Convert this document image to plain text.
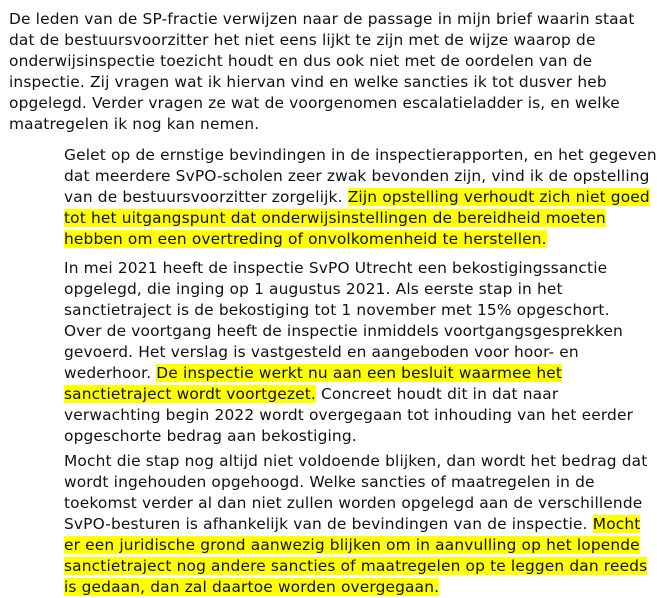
De leden van de SP-fractie verwijzen naar de passage in mijn brief waarin staat
dat de bestuursvoorzitter het niet eens lijkt te zijn met de wijze waarop de
onderwijsinspectie toezicht houdt en dus ook niet met de oordelen van de
inspectie. Zij vragen wat ik hiervan vind en welke sancties ik tot dusver heb
opgelegd. Verder vragen ze wat de voorgenomen escalatieladder is, en welke
maatregelen ik nog kan nemen.

Gelet op de ernstige bevindingen in de inspectierapporten, en het gegeven
dat meerdere SvPO-scholen zeer zwak bevonden zijn, vind ik de opstelling
van de bestuursvoorzitter zorgelijk. Zijn opstelling verhoudt zich niet goed
tot het uitgangspunt dat onderwijsinstellingen de bereidheid moeten
hebben om een overtreding of onvolkomenheid te herstellen.

In mei 2021 heeft de inspectie SvPO Utrecht een bekostigingssanctie
opgelegd, die inging op 1 augustus 2021. Als eerste stap in het
sanctietraject is de bekostiging tot 1 november met 15% opgeschort.
Over de voortgang heeft de inspectie inmiddels voortgangsgesprekken
gevoerd. Het verslag is vastgesteld en aangeboden voor hoor- en
wederhoor. De inspectie werkt nu aan een besluit waarmee het
sanctietraject wordt voortgezet. Concreet houdt dit in dat naar
verwachting begin 2022 wordt overgegaan tot inhouding van het eerder
opgeschorte bedrag aan bekostiging.

Mocht die stap nog altijd niet voldoende blijken, dan wordt het bedrag dat
wordt ingehouden opgehoogd. Welke sancties of maatregelen in de
toekomst verder al dan niet zullen worden opgelegd aan de verschillende
SvPO-besturen is afhankelijk van de bevindingen van de inspectie. Mocht
er een juridische grond aanwezig blijken om in aanvulling op het lopende
sanctietraject nog andere sancties of maatregelen op te leggen dan reeds
is gedaan, dan zal daartoe worden overgegaan.
